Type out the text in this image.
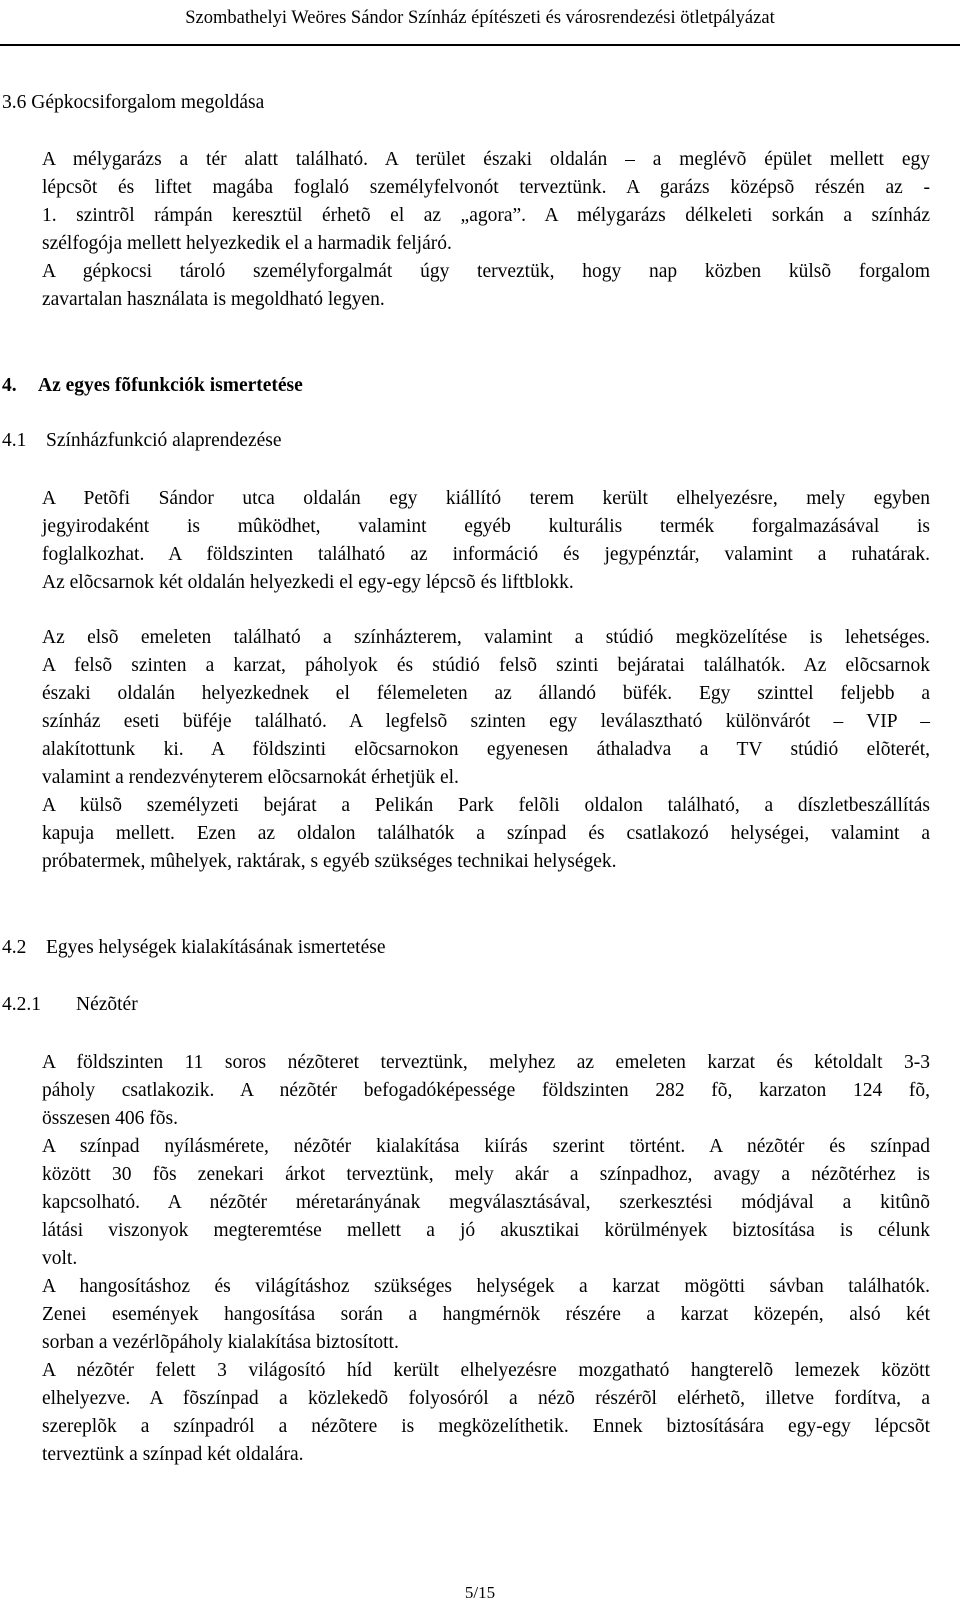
Szombathelyi Weöres Sándor Színház építészeti és városrendezési ötletpályázat
3.6 Gépkocsiforgalom megoldása
A mélygarázs a tér alatt található. A terület északi oldalán – a meglévõ épület mellett egy
lépcsõt és liftet magába foglaló személyfelvonót terveztünk. A garázs középsõ részén az -
1. szintrõl rámpán keresztül érhetõ el az „agora”. A mélygarázs délkeleti sorkán a színház
szélfogója mellett helyezkedik el a harmadik feljáró.
A gépkocsi tároló személyforgalmát úgy terveztük, hogy nap közben külsõ forgalom
zavartalan használata is megoldható legyen.
4. Az egyes fõfunkciók ismertetése
4.1 Színházfunkció alaprendezése
A Petõfi Sándor utca oldalán egy kiállító terem került elhelyezésre, mely egyben
jegyirodaként is mûködhet, valamint egyéb kulturális termék forgalmazásával is
foglalkozhat. A földszinten található az információ és jegypénztár, valamint a ruhatárak.
Az elõcsarnok két oldalán helyezkedi el egy-egy lépcsõ és liftblokk.
Az elsõ emeleten található a színházterem, valamint a stúdió megközelítése is lehetséges.
A felsõ szinten a karzat, páholyok és stúdió felsõ szinti bejáratai találhatók. Az elõcsarnok
északi oldalán helyezkednek el félemeleten az állandó büfék. Egy szinttel feljebb a
színház eseti büféje található. A legfelsõ szinten egy leválasztható különvárót – VIP –
alakítottunk ki. A földszinti elõcsarnokon egyenesen áthaladva a TV stúdió elõterét,
valamint a rendezvényterem elõcsarnokát érhetjük el.
A külsõ személyzeti bejárat a Pelikán Park felõli oldalon található, a díszletbeszállítás
kapuja mellett. Ezen az oldalon találhatók a színpad és csatlakozó helységei, valamint a
próbatermek, mûhelyek, raktárak, s egyéb szükséges technikai helységek.
4.2 Egyes helységek kialakításának ismertetése
4.2.1 Nézõtér
A földszinten 11 soros nézõteret terveztünk, melyhez az emeleten karzat és kétoldalt 3-3
páholy csatlakozik. A nézõtér befogadóképessége földszinten 282 fõ, karzaton 124 fõ,
összesen 406 fõs.
A színpad nyílásmérete, nézõtér kialakítása kiírás szerint történt. A nézõtér és színpad
között 30 fõs zenekari árkot terveztünk, mely akár a színpadhoz, avagy a nézõtérhez is
kapcsolható. A nézõtér méretarányának megválasztásával, szerkesztési módjával a kitûnõ
látási viszonyok megteremtése mellett a jó akusztikai körülmények biztosítása is célunk
volt.
A hangosításhoz és világításhoz szükséges helységek a karzat mögötti sávban találhatók.
Zenei események hangosítása során a hangmérnök részére a karzat közepén, alsó két
sorban a vezérlõpáholy kialakítása biztosított.
A nézõtér felett 3 világosító híd került elhelyezésre mozgatható hangterelõ lemezek között
elhelyezve. A fõszínpad a közlekedõ folyosóról a nézõ részérõl elérhetõ, illetve fordítva, a
szereplõk a színpadról a nézõtere is megközelíthetik. Ennek biztosítására egy-egy lépcsõt
terveztünk a színpad két oldalára.
5/15
